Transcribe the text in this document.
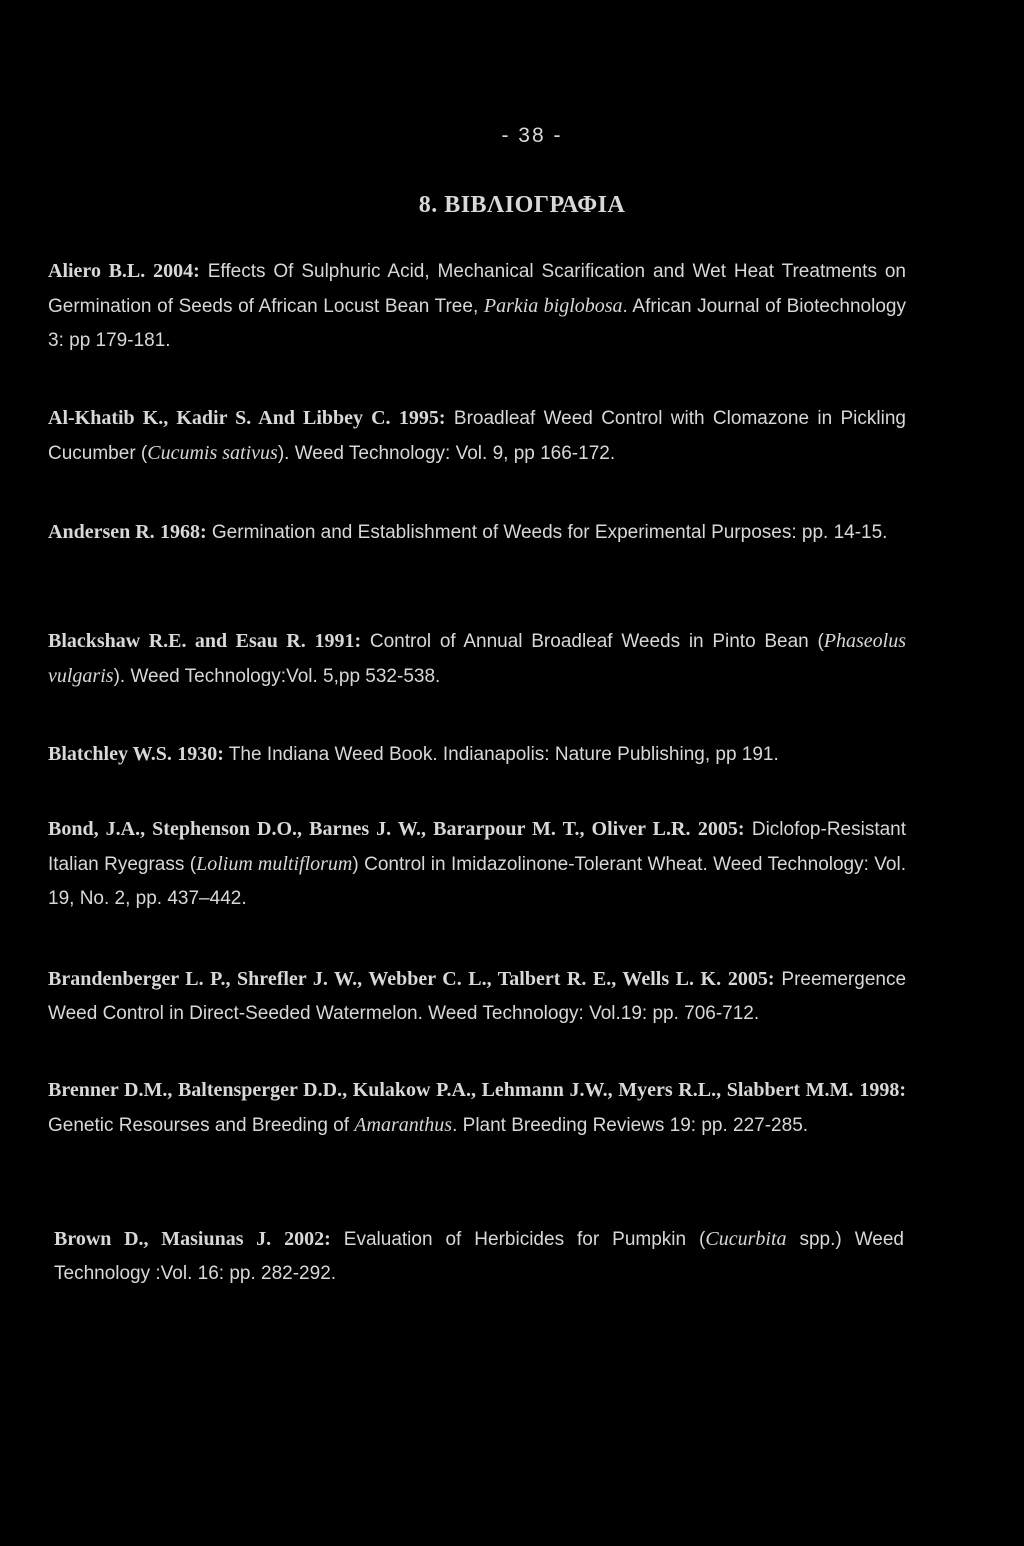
- 38 -
8. ΒΙΒΛΙΟΓΡΑΦΙΑ

Aliero B.L. 2004: Effects Of Sulphuric Acid, Mechanical Scarification and Wet Heat Treatments on Germination of Seeds of African Locust Bean Tree, Parkia biglobosa. African Journal of Biotechnology 3: pp 179-181.

Al-Khatib K., Kadir S. And Libbey C. 1995: Broadleaf Weed Control with Clomazone in Pickling Cucumber (Cucumis sativus). Weed Technology: Vol. 9, pp 166-172.

Andersen R. 1968: Germination and Establishment of Weeds for Experimental Purposes: pp. 14-15.

Blackshaw R.E. and Esau R. 1991: Control of Annual Broadleaf Weeds in Pinto Bean (Phaseolus vulgaris). Weed Technology:Vol. 5,pp 532-538.

Blatchley W.S. 1930: The Indiana Weed Book. Indianapolis: Nature Publishing, pp 191.

Bond, J.A., Stephenson D.O., Barnes J. W., Bararpour M. T., Oliver L.R. 2005: Diclofop-Resistant Italian Ryegrass (Lolium multiflorum) Control in Imidazolinone-Tolerant Wheat. Weed Technology: Vol. 19, No. 2, pp. 437–442.

Brandenberger L. P., Shrefler J. W., Webber C. L., Talbert R. E., Wells L. K. 2005: Preemergence Weed Control in Direct-Seeded Watermelon. Weed Technology: Vol.19: pp. 706-712.

Brenner D.M., Baltensperger D.D., Kulakow P.A., Lehmann J.W., Myers R.L., Slabbert M.M. 1998: Genetic Resourses and Breeding of Amaranthus. Plant Breeding Reviews 19: pp. 227-285.

Brown D., Masiunas J. 2002: Evaluation of Herbicides for Pumpkin (Cucurbita spp.) Weed Technology :Vol. 16: pp. 282-292.
